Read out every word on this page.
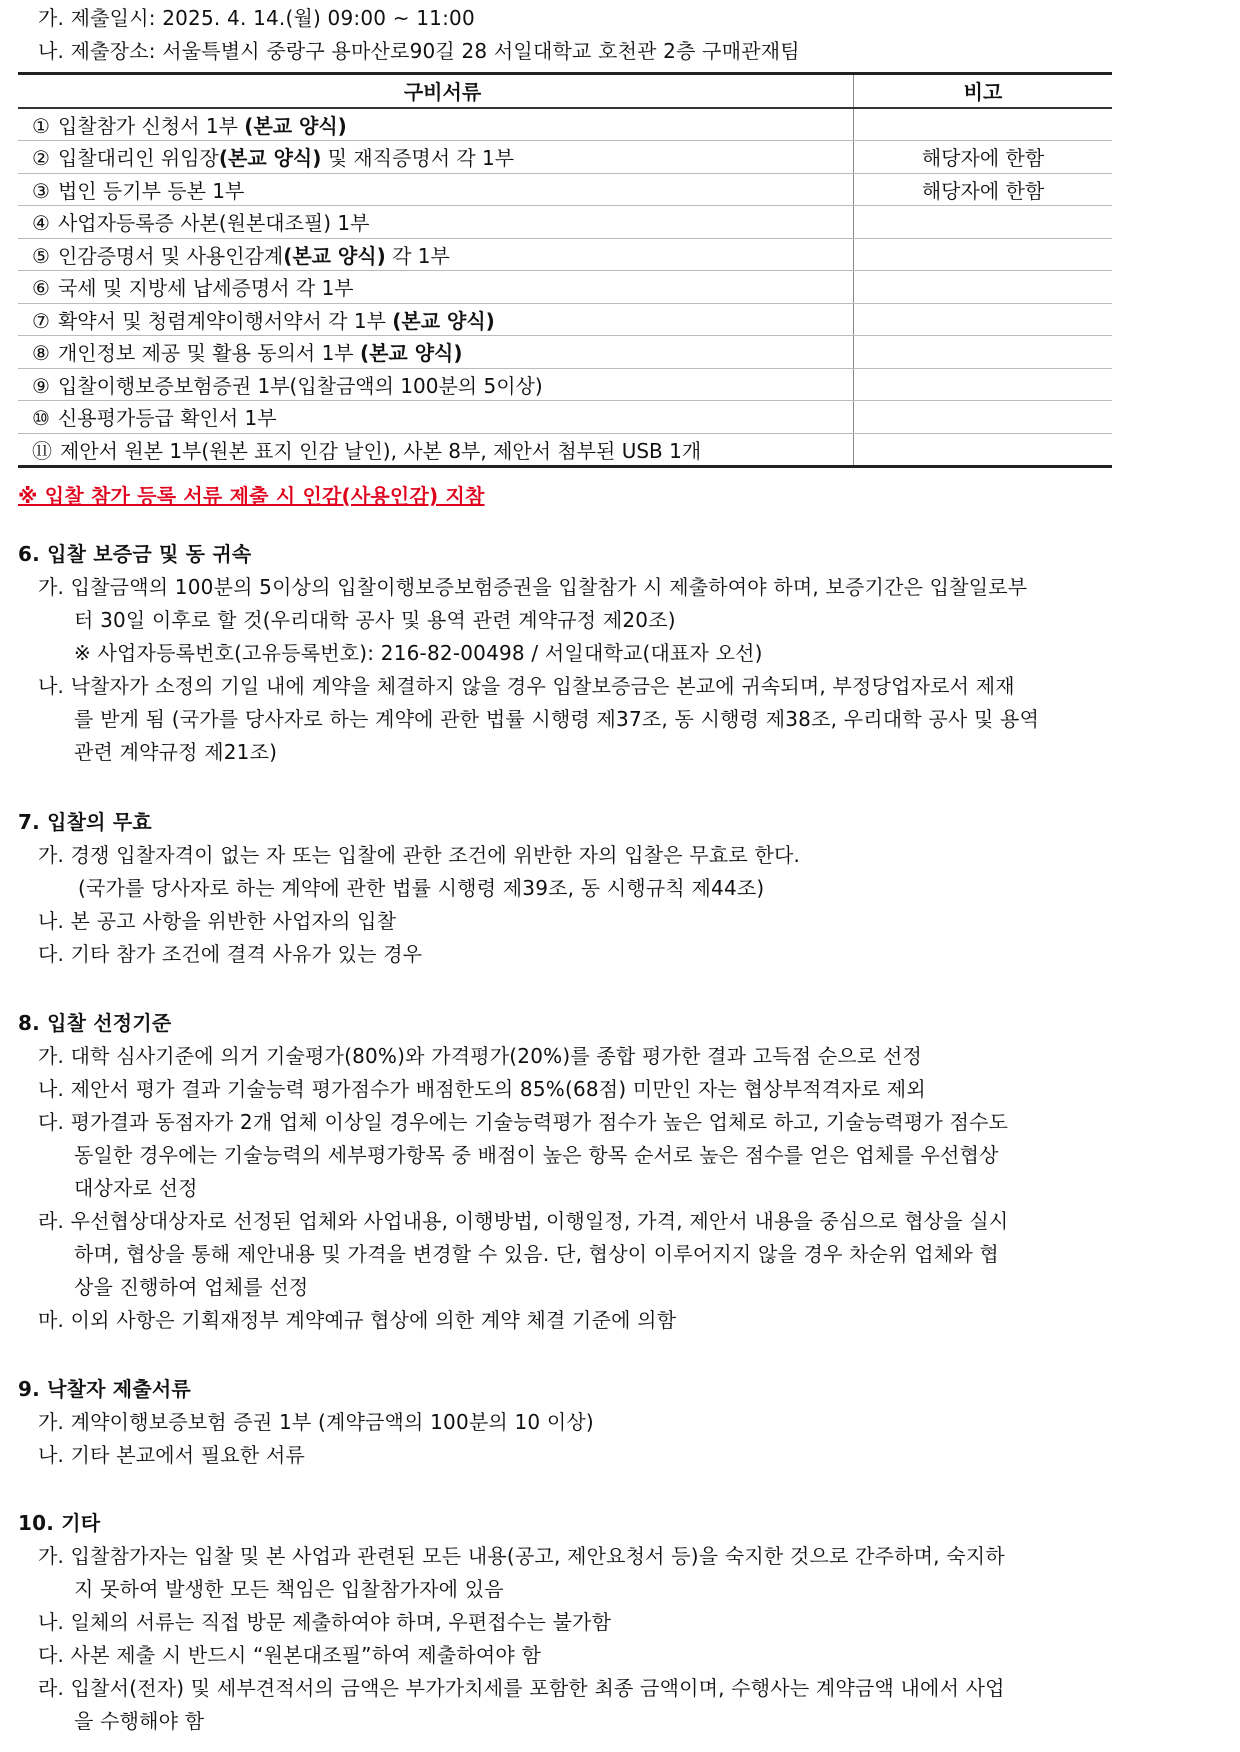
가. 제출일시: 2025. 4. 14.(월) 09:00 ~ 11:00
나. 제출장소: 서울특별시 중랑구 용마산로90길 28 서일대학교 호천관 2층 구매관재팀
구비서류	비고
① 입찰참가 신청서 1부 (본교 양식)	
② 입찰대리인 위임장(본교 양식) 및 재직증명서 각 1부	해당자에 한함
③ 법인 등기부 등본 1부	해당자에 한함
④ 사업자등록증 사본(원본대조필) 1부	
⑤ 인감증명서 및 사용인감계(본교 양식) 각 1부	
⑥ 국세 및 지방세 납세증명서 각 1부	
⑦ 확약서 및 청렴계약이행서약서 각 1부 (본교 양식)	
⑧ 개인정보 제공 및 활용 동의서 1부 (본교 양식)	
⑨ 입찰이행보증보험증권 1부(입찰금액의 100분의 5이상)	
⑩ 신용평가등급 확인서 1부	
⑪ 제안서 원본 1부(원본 표지 인감 날인), 사본 8부, 제안서 첨부된 USB 1개	
※ 입찰 참가 등록 서류 제출 시 인감(사용인감) 지참
6. 입찰 보증금 및 동 귀속
가. 입찰금액의 100분의 5이상의 입찰이행보증보험증권을 입찰참가 시 제출하여야 하며, 보증기간은 입찰일로부
터 30일 이후로 할 것(우리대학 공사 및 용역 관련 계약규정 제20조)
※ 사업자등록번호(고유등록번호): 216-82-00498 / 서일대학교(대표자 오선)
나. 낙찰자가 소정의 기일 내에 계약을 체결하지 않을 경우 입찰보증금은 본교에 귀속되며, 부정당업자로서 제재
를 받게 됨 (국가를 당사자로 하는 계약에 관한 법률 시행령 제37조, 동 시행령 제38조, 우리대학 공사 및 용역
관련 계약규정 제21조)
7. 입찰의 무효
가. 경쟁 입찰자격이 없는 자 또는 입찰에 관한 조건에 위반한 자의 입찰은 무효로 한다.
(국가를 당사자로 하는 계약에 관한 법률 시행령 제39조, 동 시행규칙 제44조)
나. 본 공고 사항을 위반한 사업자의 입찰
다. 기타 참가 조건에 결격 사유가 있는 경우
8. 입찰 선정기준
가. 대학 심사기준에 의거 기술평가(80%)와 가격평가(20%)를 종합 평가한 결과 고득점 순으로 선정
나. 제안서 평가 결과 기술능력 평가점수가 배점한도의 85%(68점) 미만인 자는 협상부적격자로 제외
다. 평가결과 동점자가 2개 업체 이상일 경우에는 기술능력평가 점수가 높은 업체로 하고, 기술능력평가 점수도
동일한 경우에는 기술능력의 세부평가항목 중 배점이 높은 항목 순서로 높은 점수를 얻은 업체를 우선협상
대상자로 선정
라. 우선협상대상자로 선정된 업체와 사업내용, 이행방법, 이행일정, 가격, 제안서 내용을 중심으로 협상을 실시
하며, 협상을 통해 제안내용 및 가격을 변경할 수 있음. 단, 협상이 이루어지지 않을 경우 차순위 업체와 협
상을 진행하여 업체를 선정
마. 이외 사항은 기획재정부 계약예규 협상에 의한 계약 체결 기준에 의함
9. 낙찰자 제출서류
가. 계약이행보증보험 증권 1부 (계약금액의 100분의 10 이상)
나. 기타 본교에서 필요한 서류
10. 기타
가. 입찰참가자는 입찰 및 본 사업과 관련된 모든 내용(공고, 제안요청서 등)을 숙지한 것으로 간주하며, 숙지하
지 못하여 발생한 모든 책임은 입찰참가자에 있음
나. 일체의 서류는 직접 방문 제출하여야 하며, 우편접수는 불가함
다. 사본 제출 시 반드시 “원본대조필”하여 제출하여야 함
라. 입찰서(전자) 및 세부견적서의 금액은 부가가치세를 포함한 최종 금액이며, 수행사는 계약금액 내에서 사업
을 수행해야 함
